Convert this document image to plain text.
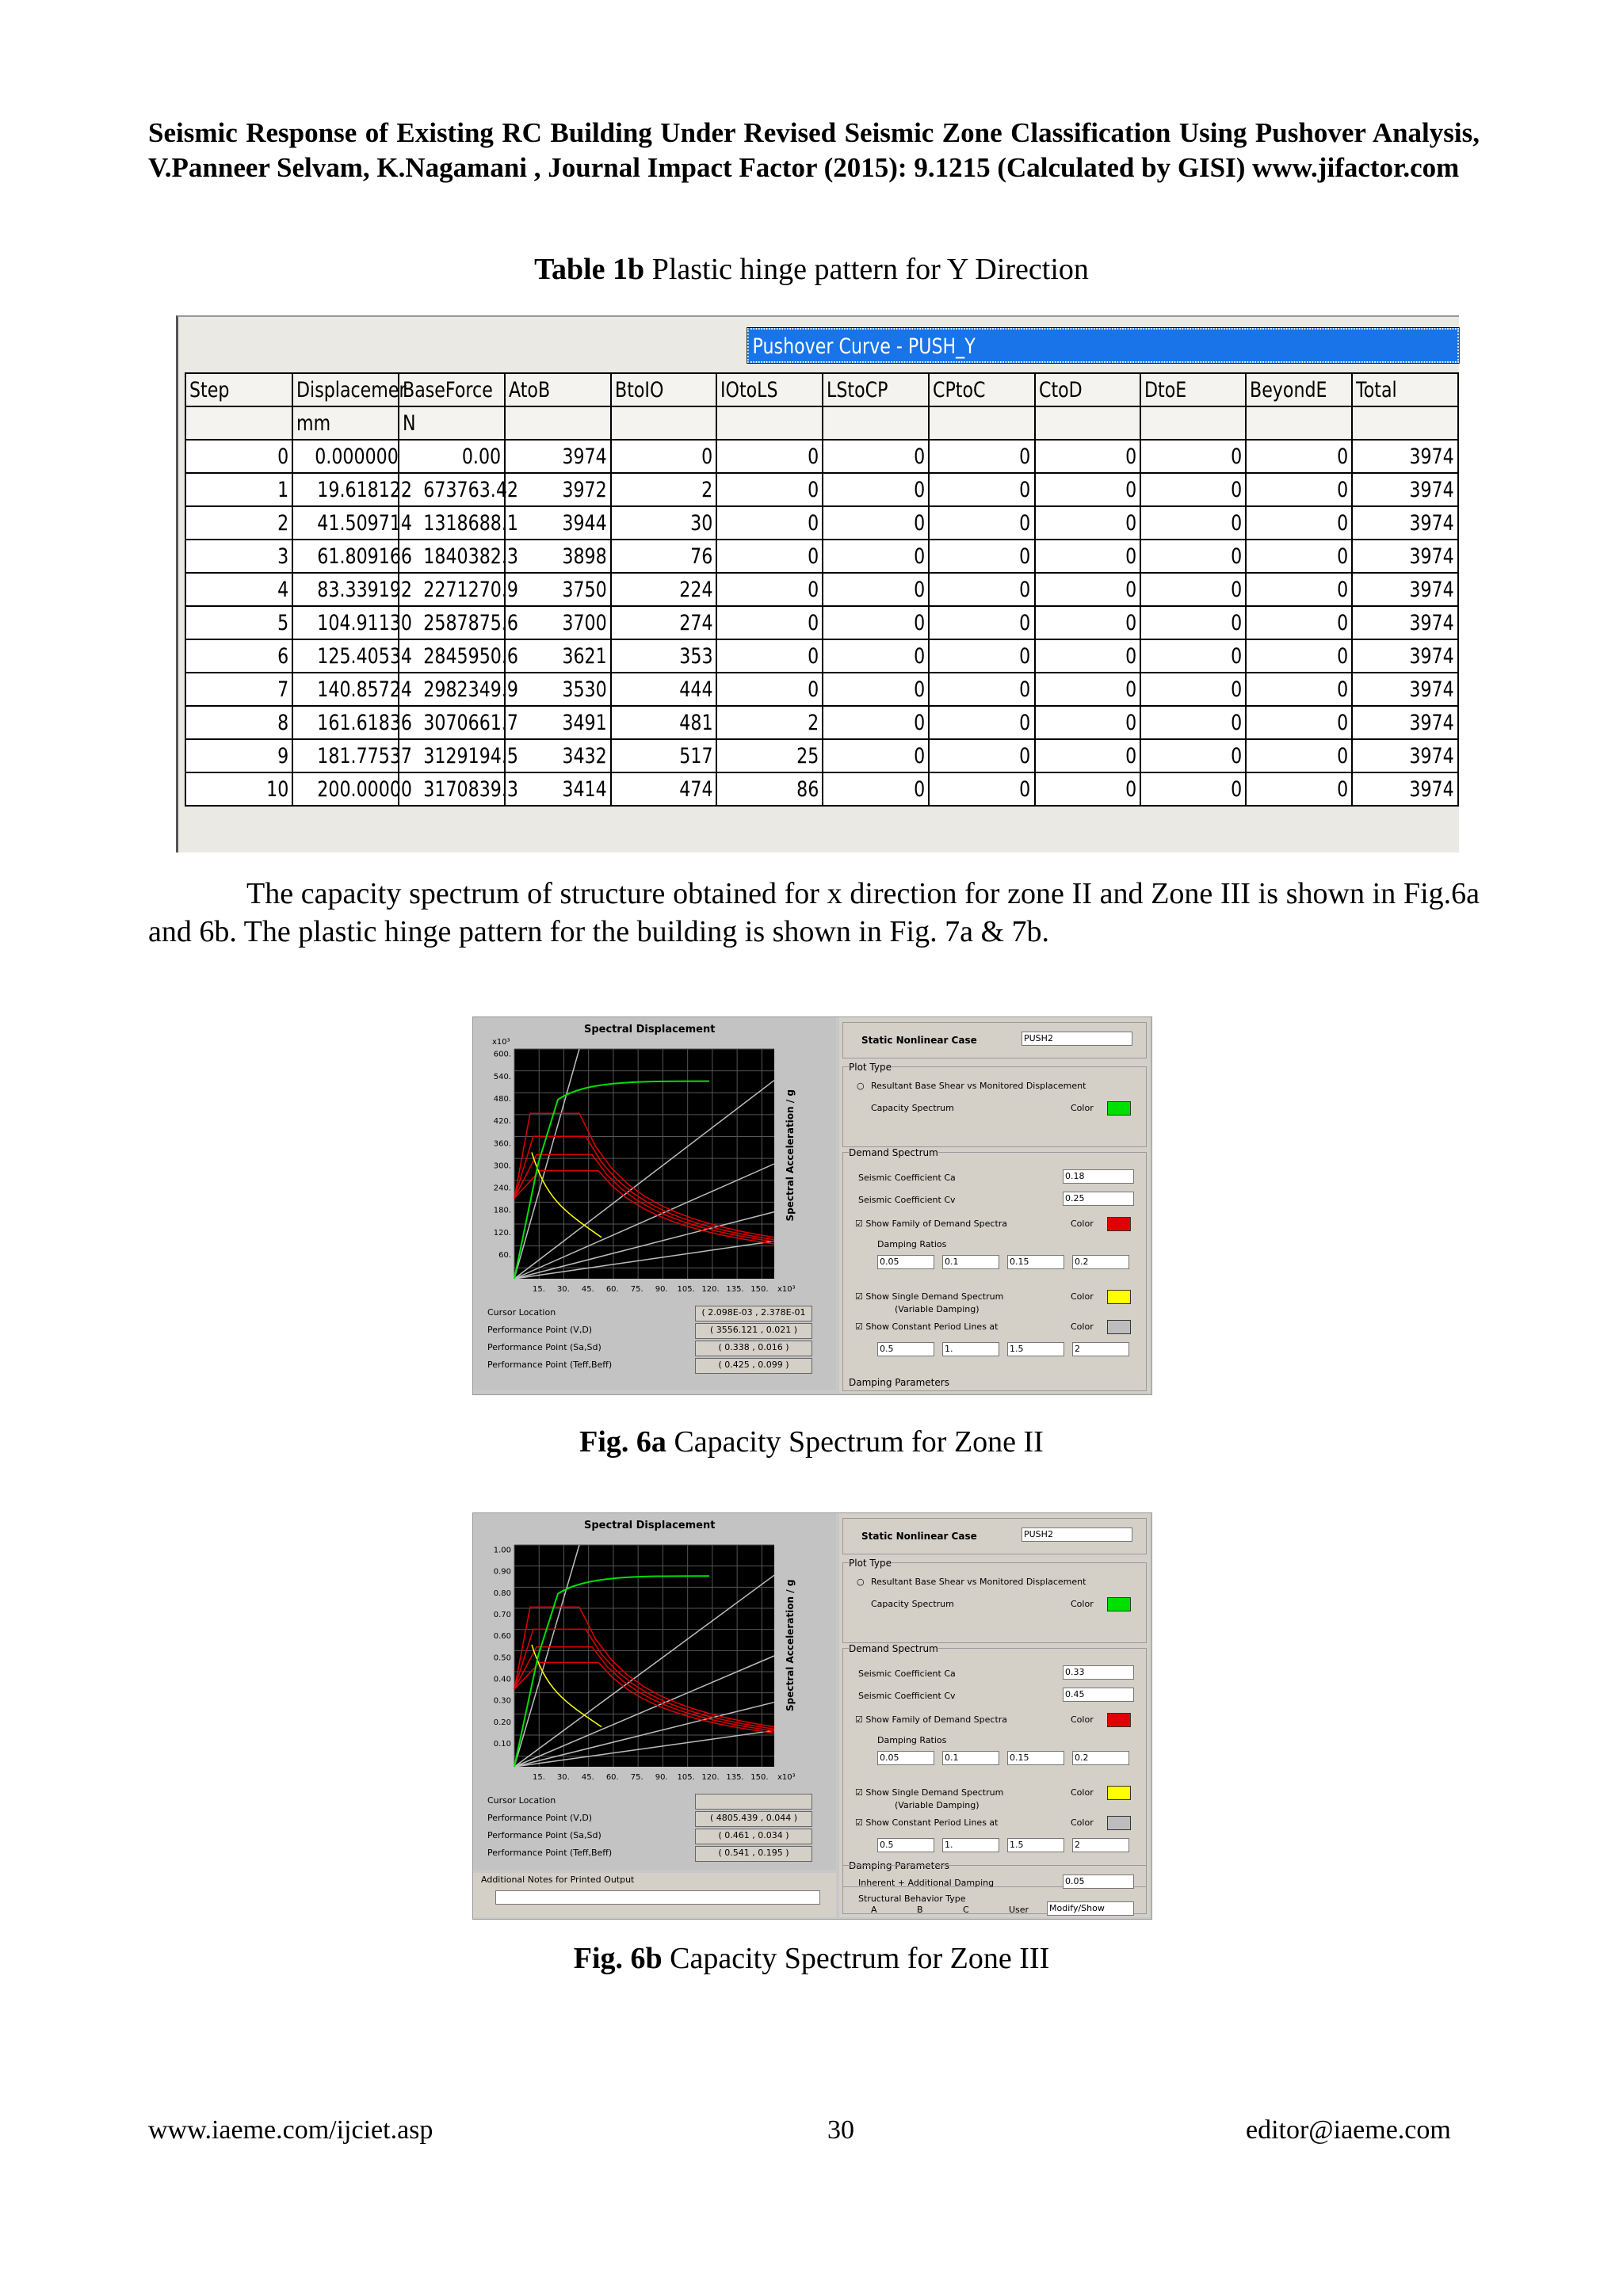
Seismic Response of Existing RC Building Under Revised Seismic Zone Classification Using Pushover Analysis, V.Panneer Selvam, K.Nagamani , Journal Impact Factor (2015): 9.1215 (Calculated by GISI) www.jifactor.com
Table 1b Plastic hinge pattern for Y Direction
Pushover Curve - PUSH_Y
Step	Displacemer	BaseForce	AtoB	BtoIO	IOtoLS	LStoCP	CPtoC	CtoD	DtoE	BeyondE	Total
	mm	N									
0	0.000000	0.00	3974	0	0	0	0	0	0	0	3974
1	19.618122	673763.42	3972	2	0	0	0	0	0	0	3974
2	41.509714	1318688.1	3944	30	0	0	0	0	0	0	3974
3	61.809166	1840382.3	3898	76	0	0	0	0	0	0	3974
4	83.339192	2271270.9	3750	224	0	0	0	0	0	0	3974
5	104.91130	2587875.6	3700	274	0	0	0	0	0	0	3974
6	125.40534	2845950.6	3621	353	0	0	0	0	0	0	3974
7	140.85724	2982349.9	3530	444	0	0	0	0	0	0	3974
8	161.61836	3070661.7	3491	481	2	0	0	0	0	0	3974
9	181.77537	3129194.5	3432	517	25	0	0	0	0	0	3974
10	200.00000	3170839.3	3414	474	86	0	0	0	0	0	3974
The capacity spectrum of structure obtained for x direction for zone II and Zone III is shown in Fig.6a and 6b. The plastic hinge pattern for the building is shown in Fig. 7a & 7b.
Spectral Displacement
600.
540.
480.
420.
360.
300.
240.
180.
120.
60.
x10³
15. 30. 45. 60. 75. 90. 105. 120. 135. 150. x10³
Spectral Acceleration / g
Cursor Location	( 2.098E-03 , 2.378E-01
Performance Point (V,D)	( 3556.121 , 0.021 )
Performance Point (Sa,Sd)	( 0.338 , 0.016 )
Performance Point (Teff,Beff)	( 0.425 , 0.099 )
Static Nonlinear Case	PUSH2
Plot Type
○ Resultant Base Shear vs Monitored Displacement
Capacity Spectrum	Color
Demand Spectrum
Seismic Coefficient Ca	0.18
Seismic Coefficient Cv	0.25
☑ Show Family of Demand Spectra	Color
Damping Ratios
0.05	0.1	0.15	0.2
☑ Show Single Demand Spectrum
(Variable Damping)
Color
☑ Show Constant Period Lines at	Color
0.5	1.	1.5	2
Damping Parameters
Fig. 6a Capacity Spectrum for Zone II
Spectral Displacement
1.00
0.90
0.80
0.70
0.60
0.50
0.40
0.30
0.20
0.10
15. 30. 45. 60. 75. 90. 105. 120. 135. 150. x10³
Spectral Acceleration / g
Cursor Location
Performance Point (V,D)	( 4805.439 , 0.044 )
Performance Point (Sa,Sd)	( 0.461 , 0.034 )
Performance Point (Teff,Beff)	( 0.541 , 0.195 )
Static Nonlinear Case	PUSH2
Plot Type
○ Resultant Base Shear vs Monitored Displacement
Capacity Spectrum	Color
Demand Spectrum
Seismic Coefficient Ca	0.33
Seismic Coefficient Cv	0.45
☑ Show Family of Demand Spectra	Color
Damping Ratios
0.05	0.1	0.15	0.2
☑ Show Single Demand Spectrum
(Variable Damping)
Color
☑ Show Constant Period Lines at	Color
0.5	1.	1.5	2
Damping Parameters
Inherent + Additional Damping	0.05
Structural Behavior Type
A	B	C	User Modify/Show
Additional Notes for Printed Output
Fig. 6b Capacity Spectrum for Zone III
www.iaeme.com/ijciet.asp	30	editor@iaeme.com
